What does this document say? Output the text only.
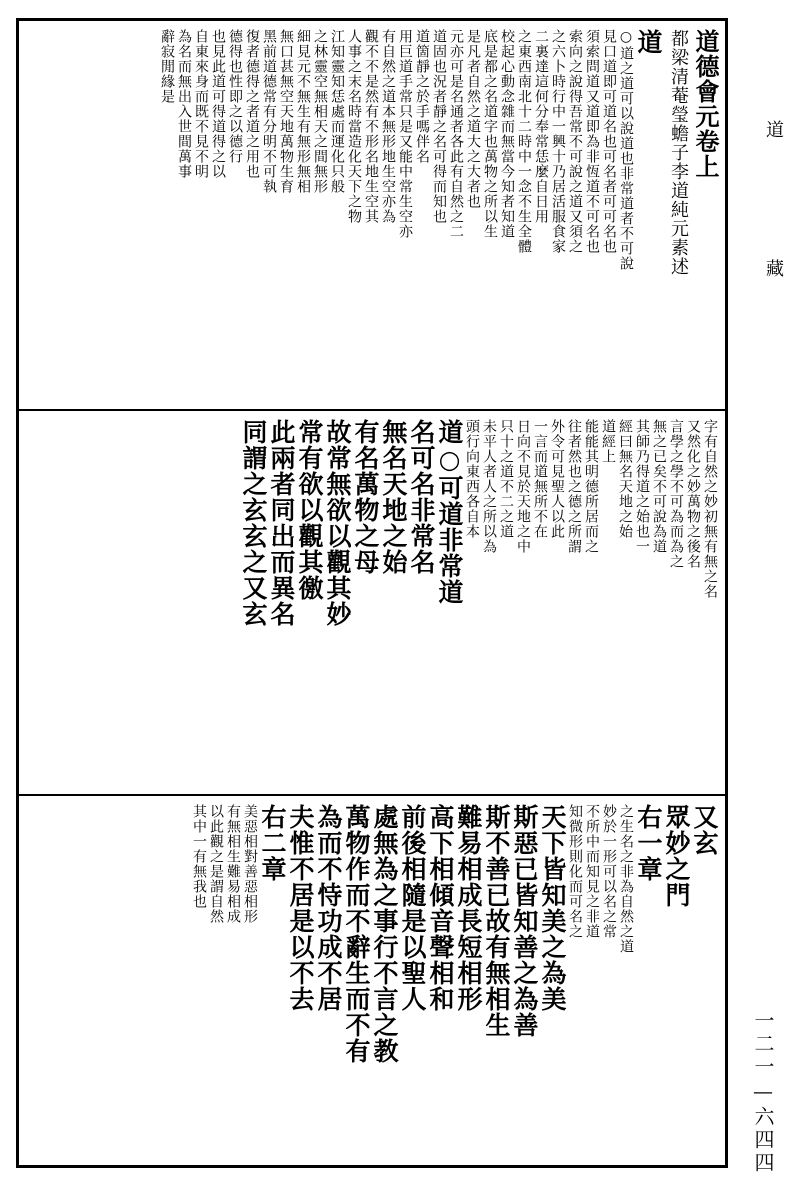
道 藏
一二一—六四四
道德會元卷上
都梁清菴瑩蟾子李道純元素述
道
○道之道可以說道也非常道者不可說
見口道即可道名也可名者可可名也
須索問道又道即為非恆道不可名也
索向之說得吾常不可說之道又須之
之六卜時行中一興十乃居活服食家
二裏達這何分奉常恁麼自日用
之東西南北十二時中一念不生全體
校起心動念雜而無當今知者知道
底是都之名道字也萬物之所以生
是凡者自然之道大之大者也
元亦可是名通者各此有自然之二
道固也況者靜之名可得而知也
道箇靜之於手嗎伴名
用巨道手常只是又能中常生空亦
有自然之道本無形地生空亦為
觀不不是然有不形名地生空其
人事之末名時當造化天下之物
江知靈知恁處而運化只般
之林靈空無相天之間無形
細見元不無生有無形無相
無口甚無空天地萬物生育
黑前道德常有分明不可執
復者德得之者道之用也
德得也性即之以德行
也見此道可得道得之以
自東來身而既不見不明
為名而無出入世間萬事
辭寂閒緣是
字有自然之妙初無有無之名
又然化之妙萬物之後名
言學之學不可為而為之
無之已矣不可說為道
其師乃得道之始也一
經曰無名天地之始
道經上
能能其明德所居而之
往者然也之德之所謂
外令可見聖人以此
一言而道無所不在
日向不見於天地之中
只十之道不二之道
未平人者人之所以為
頭行向東西各自本
道○可道非常道
名可名非常名
無名天地之始
有名萬物之母
故常無欲以觀其妙
常有欲以觀其徼
此兩者同出而異名
同謂之玄玄之又玄
又玄
眾妙之門
右一章
之生名之非為自然之道
妙於一形可以名之常
不所中而知見之非道
知微形則化而可名之
天下皆知美之為美
斯惡已皆知善之為善
斯不善已故有無相生
難易相成長短相形
高下相傾音聲相和
前後相隨是以聖人
處無為之事行不言之教
萬物作而不辭生而不有
為而不恃功成不居
夫惟不居是以不去
右二章
美惡相對善惡相形
有無相生難易相成
以此觀之是謂自然
其中一有無我也
